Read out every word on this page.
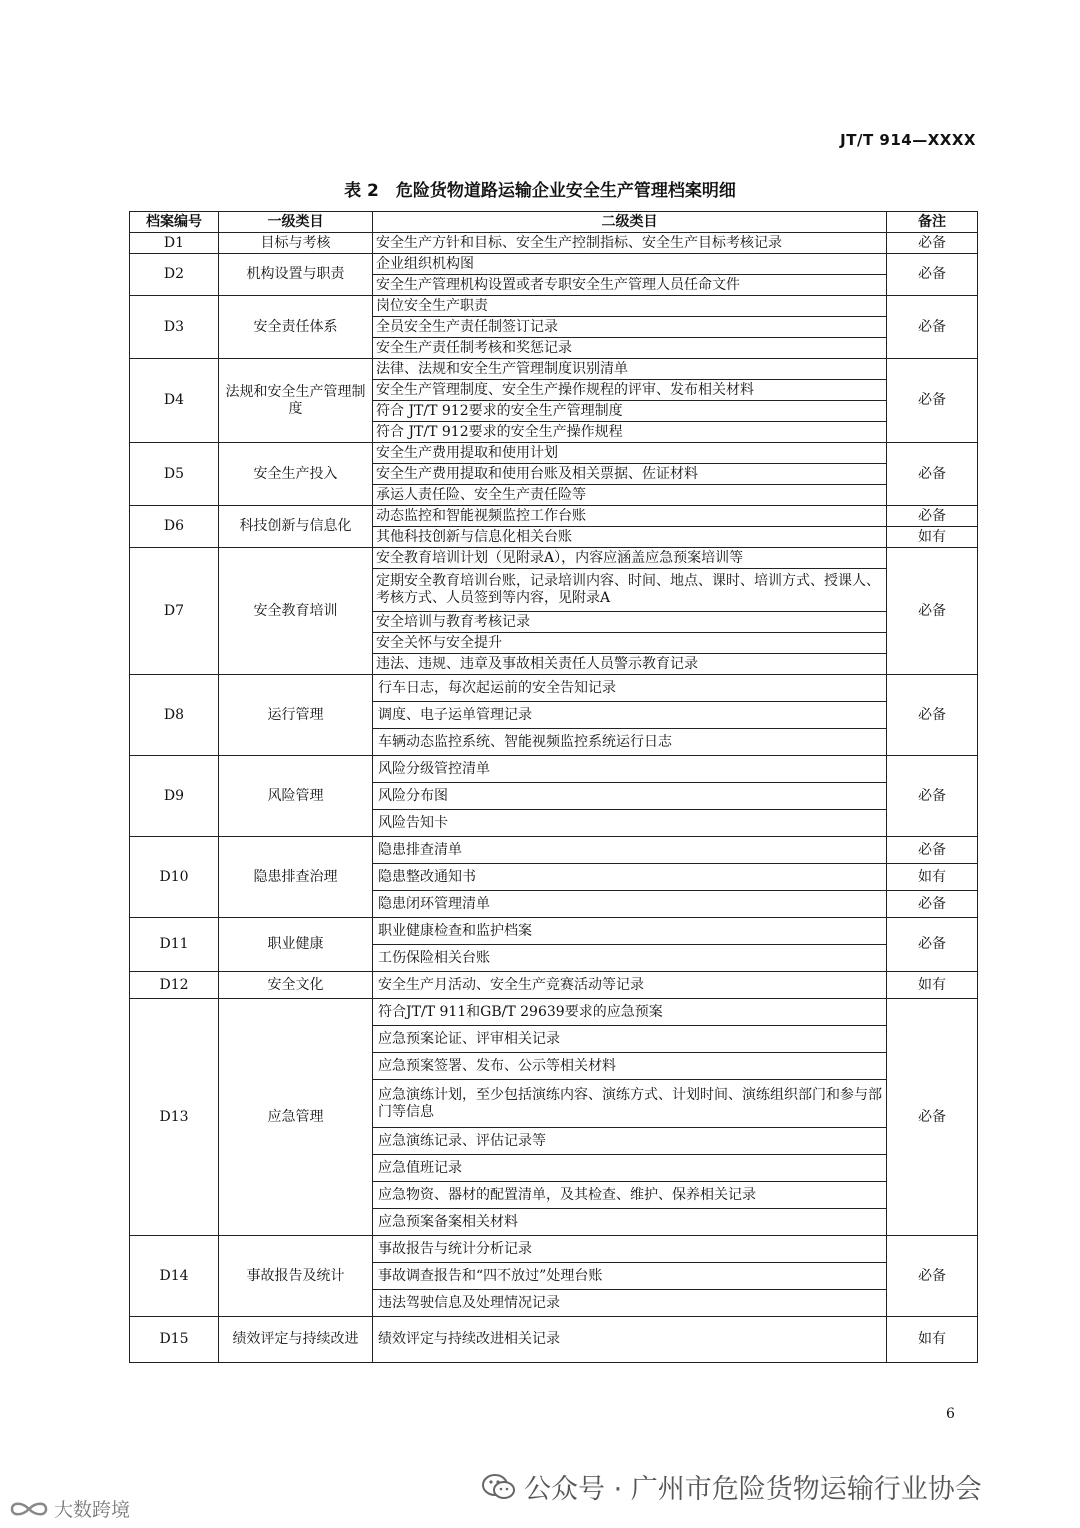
JT/T 914—XXXX
表 2　危险货物道路运输企业安全生产管理档案明细
档案编号	一级类目	二级类目	备注
D1	目标与考核	安全生产方针和目标、安全生产控制指标、安全生产目标考核记录	必备
D2	机构设置与职责	企业组织机构图	必备
		安全生产管理机构设置或者专职安全生产管理人员任命文件	
D3	安全责任体系	岗位安全生产职责	必备
		全员安全生产责任制签订记录	
		安全生产责任制考核和奖惩记录	
D4	法规和安全生产管理制度	法律、法规和安全生产管理制度识别清单	必备
		安全生产管理制度、安全生产操作规程的评审、发布相关材料	
		符合 JT/T 912要求的安全生产管理制度	
		符合 JT/T 912要求的安全生产操作规程	
D5	安全生产投入	安全生产费用提取和使用计划	必备
		安全生产费用提取和使用台账及相关票据、佐证材料	
		承运人责任险、安全生产责任险等	
D6	科技创新与信息化	动态监控和智能视频监控工作台账	必备
		其他科技创新与信息化相关台账	如有
D7	安全教育培训	安全教育培训计划（见附录A），内容应涵盖应急预案培训等	必备
		定期安全教育培训台账，记录培训内容、时间、地点、课时、培训方式、授课人、考核方式、人员签到等内容，见附录A	
		安全培训与教育考核记录	
		安全关怀与安全提升	
		违法、违规、违章及事故相关责任人员警示教育记录	
D8	运行管理	行车日志，每次起运前的安全告知记录	必备
		调度、电子运单管理记录	
		车辆动态监控系统、智能视频监控系统运行日志	
D9	风险管理	风险分级管控清单	必备
		风险分布图	
		风险告知卡	
D10	隐患排查治理	隐患排查清单	必备
		隐患整改通知书	如有
		隐患闭环管理清单	必备
D11	职业健康	职业健康检查和监护档案	必备
		工伤保险相关台账	
D12	安全文化	安全生产月活动、安全生产竞赛活动等记录	如有
D13	应急管理	符合JT/T 911和GB/T 29639要求的应急预案	必备
		应急预案论证、评审相关记录	
		应急预案签署、发布、公示等相关材料	
		应急演练计划，至少包括演练内容、演练方式、计划时间、演练组织部门和参与部门等信息	
		应急演练记录、评估记录等	
		应急值班记录	
		应急物资、器材的配置清单，及其检查、维护、保养相关记录	
		应急预案备案相关材料	
D14	事故报告及统计	事故报告与统计分析记录	必备
		事故调查报告和“四不放过”处理台账	
		违法驾驶信息及处理情况记录	
D15	绩效评定与持续改进	绩效评定与持续改进相关记录	如有
6
公众号 · 广州市危险货物运输行业协会
大数跨境
